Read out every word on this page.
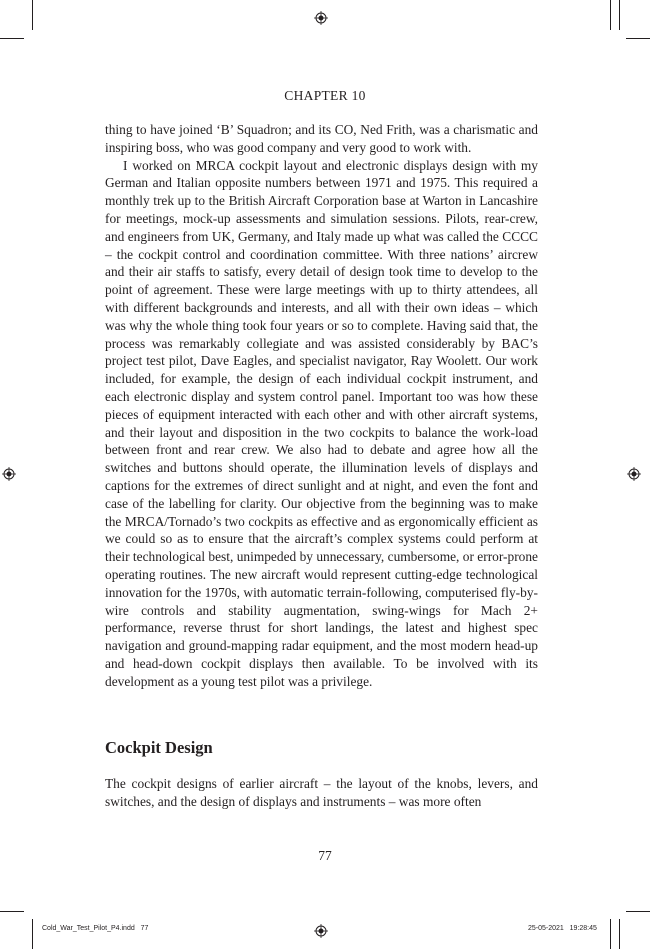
CHAPTER 10

thing to have joined ‘B’ Squadron; and its CO, Ned Frith, was a charismatic and inspiring boss, who was good company and very good to work with.

I worked on MRCA cockpit layout and electronic displays design with my German and Italian opposite numbers between 1971 and 1975. This required a monthly trek up to the British Aircraft Corporation base at Warton in Lancashire for meetings, mock-up assessments and simulation sessions. Pilots, rear-crew, and engineers from UK, Germany, and Italy made up what was called the CCCC – the cockpit control and coordination committee. With three nations’ aircrew and their air staffs to satisfy, every detail of design took time to develop to the point of agreement. These were large meetings with up to thirty attendees, all with different backgrounds and interests, and all with their own ideas – which was why the whole thing took four years or so to complete. Having said that, the process was remarkably collegiate and was assisted considerably by BAC’s project test pilot, Dave Eagles, and specialist navigator, Ray Woolett. Our work included, for example, the design of each individual cockpit instrument, and each electronic display and system control panel. Important too was how these pieces of equipment interacted with each other and with other aircraft systems, and their layout and disposition in the two cockpits to balance the work-load between front and rear crew. We also had to debate and agree how all the switches and buttons should operate, the illumination levels of displays and captions for the extremes of direct sunlight and at night, and even the font and case of the labelling for clarity. Our objective from the beginning was to make the MRCA/Tornado’s two cockpits as effective and as ergonomically efficient as we could so as to ensure that the aircraft’s complex systems could perform at their technological best, unimpeded by unnecessary, cumbersome, or error-prone operating routines. The new aircraft would represent cutting-edge technological innovation for the 1970s, with automatic terrain-following, computerised fly-by-wire controls and stability augmentation, swing-wings for Mach 2+ performance, reverse thrust for short landings, the latest and highest spec navigation and ground-mapping radar equipment, and the most modern head-up and head-down cockpit displays then available. To be involved with its development as a young test pilot was a privilege.

Cockpit Design

The cockpit designs of earlier aircraft – the layout of the knobs, levers, and switches, and the design of displays and instruments – was more often

77
Cold_War_Test_Pilot_P4.indd   77	25-05-2021   19:28:45
